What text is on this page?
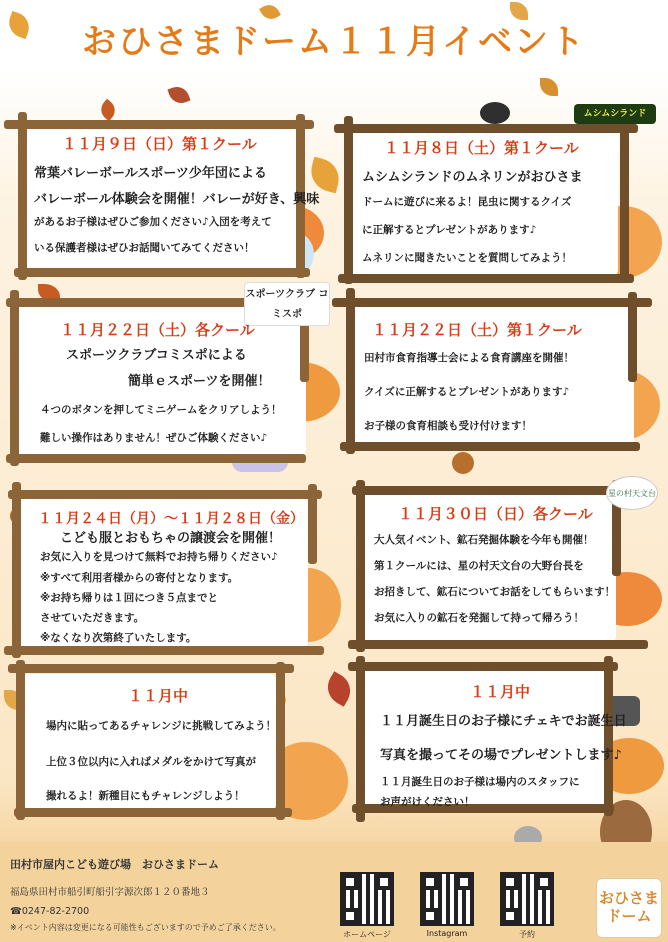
おひさまドーム１１月イベント
１１月９日（日）第１クール
常葉バレーボールスポーツ少年団による
バレーボール体験会を開催！バレーが好き、興味
があるお子様はぜひご参加ください♪入団を考えて
いる保護者様はぜひお話聞いてみてください！
ムシムシランド
１１月８日（土）第１クール
ムシムシランドのムネリンがおひさま
ドームに遊びに来るよ！昆虫に関するクイズ
に正解するとプレゼントがあります♪
ムネリンに聞きたいことを質問してみよう！
スポーツクラブ コミスポ
１１月２２日（土）各クール
スポーツクラブコミスポによる
簡単ｅスポーツを開催！
４つのボタンを押してミニゲームをクリアしよう！
難しい操作はありません！ぜひご体験ください♪
１１月２２日（土）第１クール
田村市食育指導士会による食育講座を開催！
クイズに正解するとプレゼントがあります♪
お子様の食育相談も受け付けます！
１１月２４日（月）～１１月２８日（金）
こども服とおもちゃの譲渡会を開催！
お気に入りを見つけて無料でお持ち帰りください♪
※すべて利用者様からの寄付となります。
※お持ち帰りは１回につき５点までと
させていただきます。
※なくなり次第終了いたします。
星の村天文台
１１月３０日（日）各クール
大人気イベント、鉱石発掘体験を今年も開催！
第１クールには、星の村天文台の大野台長を
お招きして、鉱石についてお話をしてもらいます！
お気に入りの鉱石を発掘して持って帰ろう！
１１月中
場内に貼ってあるチャレンジに挑戦してみよう！
上位３位以内に入ればメダルをかけて写真が
撮れるよ！新種目にもチャレンジしよう！
１１月中
１１月誕生日のお子様にチェキでお誕生日
写真を撮ってその場でプレゼントします♪
１１月誕生日のお子様は場内のスタッフに
お声がけください！
田村市屋内こども遊び場　おひさまドーム
福島県田村市船引町船引字源次郎１２０番地３
☎0247-82-2700
※イベント内容は変更になる可能性もございますので予めご了承ください。
ホームページ	Instagram	予約
おひさま
ドーム
